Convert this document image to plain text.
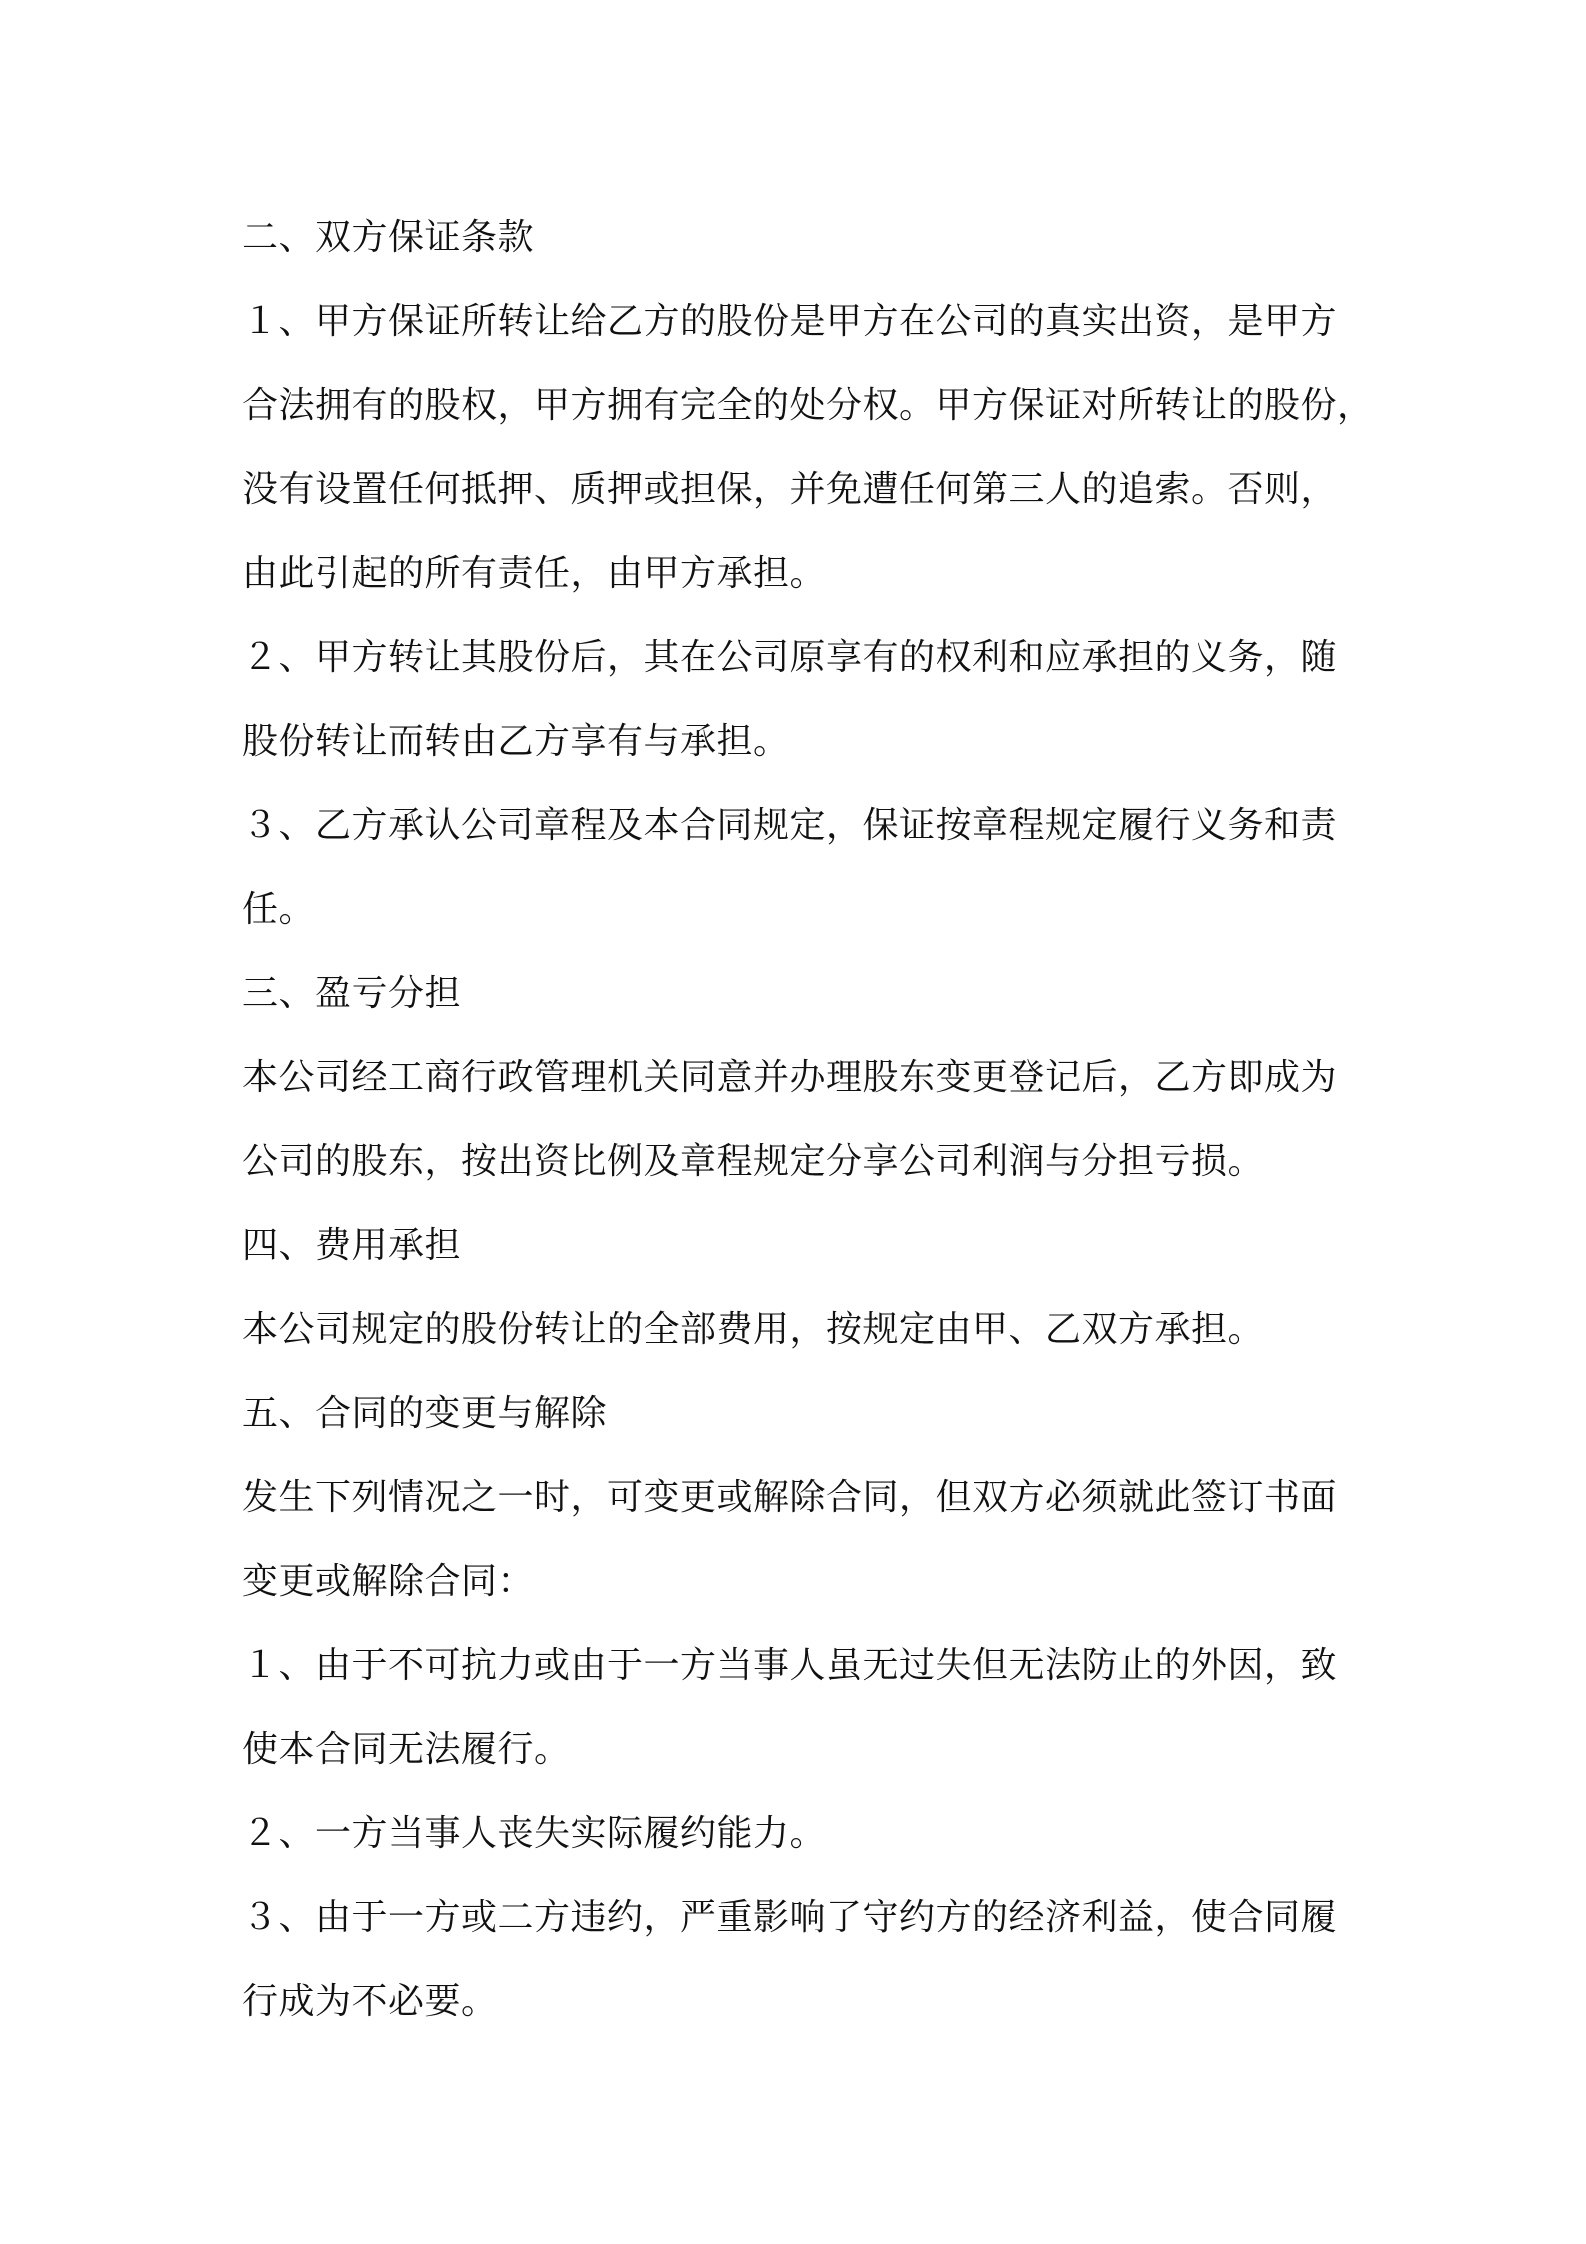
二、双方保证条款

１、甲方保证所转让给乙方的股份是甲方在公司的真实出资，是甲方

合法拥有的股权，甲方拥有完全的处分权。甲方保证对所转让的股份，

没有设置任何抵押、质押或担保，并免遭任何第三人的追索。否则，

由此引起的所有责任，由甲方承担。

２、甲方转让其股份后，其在公司原享有的权利和应承担的义务，随

股份转让而转由乙方享有与承担。

３、乙方承认公司章程及本合同规定，保证按章程规定履行义务和责

任。

三、盈亏分担

本公司经工商行政管理机关同意并办理股东变更登记后，乙方即成为

公司的股东，按出资比例及章程规定分享公司利润与分担亏损。

四、费用承担

本公司规定的股份转让的全部费用，按规定由甲、乙双方承担。

五、合同的变更与解除

发生下列情况之一时，可变更或解除合同，但双方必须就此签订书面

变更或解除合同：

１、由于不可抗力或由于一方当事人虽无过失但无法防止的外因，致

使本合同无法履行。

２、一方当事人丧失实际履约能力。

３、由于一方或二方违约，严重影响了守约方的经济利益，使合同履

行成为不必要。
